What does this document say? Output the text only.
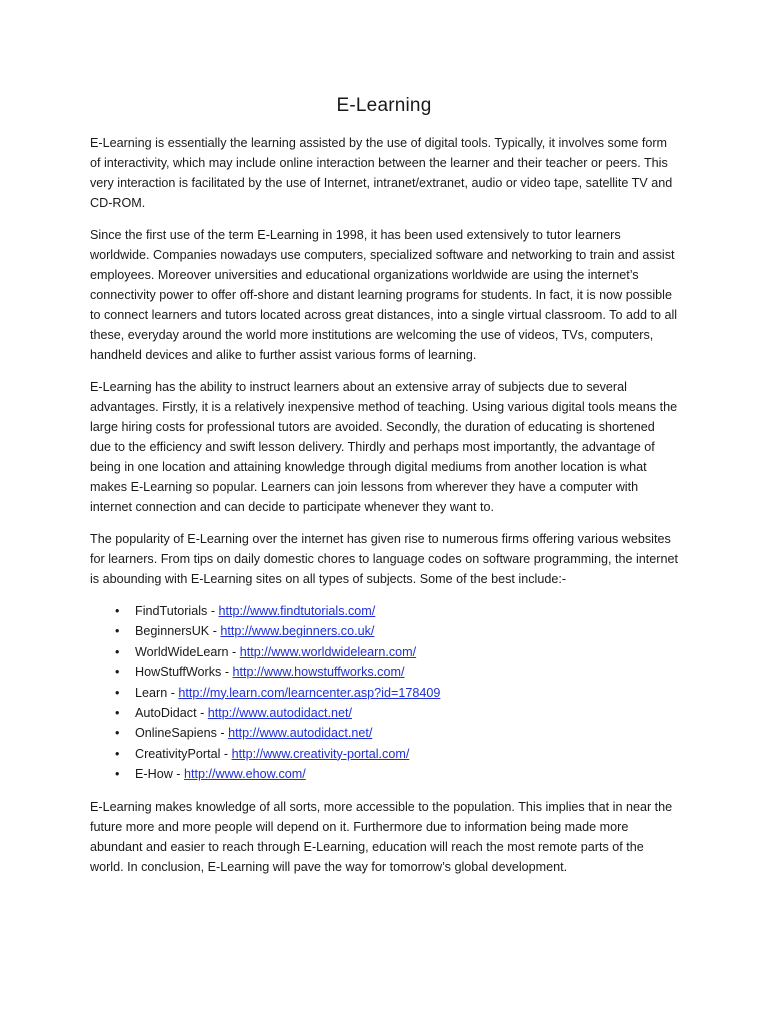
E-Learning

E-Learning is essentially the learning assisted by the use of digital tools. Typically, it involves some form of interactivity, which may include online interaction between the learner and their teacher or peers. This very interaction is facilitated by the use of Internet, intranet/extranet, audio or video tape, satellite TV and CD-ROM.

Since the first use of the term E-Learning in 1998, it has been used extensively to tutor learners worldwide. Companies nowadays use computers, specialized software and networking to train and assist employees. Moreover universities and educational organizations worldwide are using the internet’s connectivity power to offer off-shore and distant learning programs for students. In fact, it is now possible to connect learners and tutors located across great distances, into a single virtual classroom. To add to all these, everyday around the world more institutions are welcoming the use of videos, TVs, computers, handheld devices and alike to further assist various forms of learning.

E-Learning has the ability to instruct learners about an extensive array of subjects due to several advantages. Firstly, it is a relatively inexpensive method of teaching. Using various digital tools means the large hiring costs for professional tutors are avoided. Secondly, the duration of educating is shortened due to the efficiency and swift lesson delivery. Thirdly and perhaps most importantly, the advantage of being in one location and attaining knowledge through digital mediums from another location is what makes E-Learning so popular. Learners can join lessons from wherever they have a computer with internet connection and can decide to participate whenever they want to.

The popularity of E-Learning over the internet has given rise to numerous firms offering various websites for learners. From tips on daily domestic chores to language codes on software programming, the internet is abounding with E-Learning sites on all types of subjects. Some of the best include:-

• FindTutorials - http://www.findtutorials.com/
• BeginnersUK - http://www.beginners.co.uk/
• WorldWideLearn - http://www.worldwidelearn.com/
• HowStuffWorks - http://www.howstuffworks.com/
• Learn - http://my.learn.com/learncenter.asp?id=178409
• AutoDidact - http://www.autodidact.net/
• OnlineSapiens - http://www.autodidact.net/
• CreativityPortal - http://www.creativity-portal.com/
• E-How - http://www.ehow.com/

E-Learning makes knowledge of all sorts, more accessible to the population. This implies that in near the future more and more people will depend on it. Furthermore due to information being made more abundant and easier to reach through E-Learning, education will reach the most remote parts of the world. In conclusion, E-Learning will pave the way for tomorrow’s global development.
